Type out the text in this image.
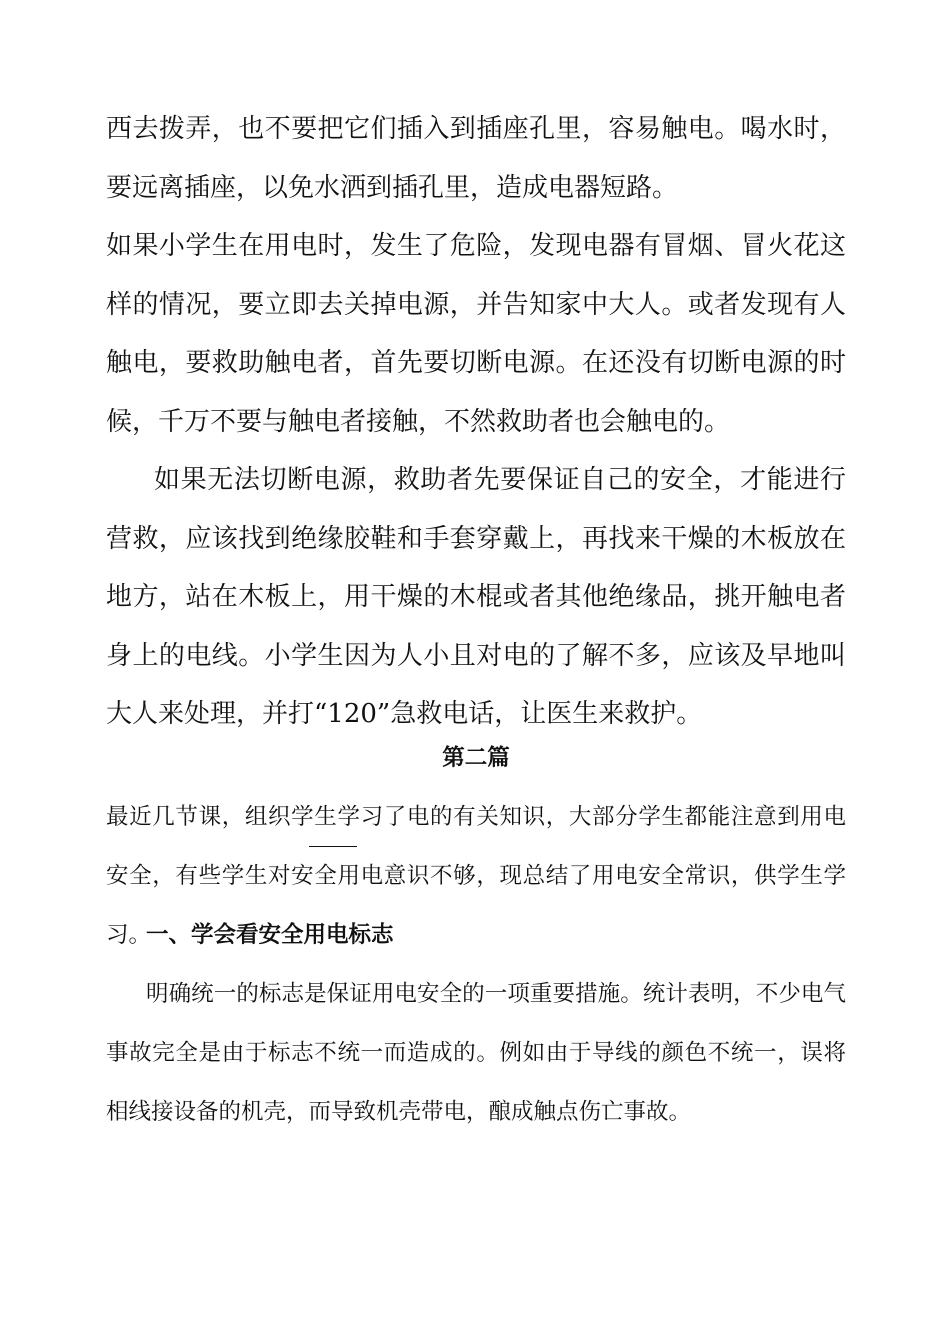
西去拨弄，也不要把它们插入到插座孔里，容易触电。喝水时，要远离插座，以免水洒到插孔里，造成电器短路。

如果小学生在用电时，发生了危险，发现电器有冒烟、冒火花这样的情况，要立即去关掉电源，并告知家中大人。或者发现有人触电，要救助触电者，首先要切断电源。在还没有切断电源的时候，千万不要与触电者接触，不然救助者也会触电的。

如果无法切断电源，救助者先要保证自己的安全，才能进行营救，应该找到绝缘胶鞋和手套穿戴上，再找来干燥的木板放在地方，站在木板上，用干燥的木棍或者其他绝缘品，挑开触电者身上的电线。小学生因为人小且对电的了解不多，应该及早地叫大人来处理，并打“120”急救电话，让医生来救护。

第二篇

最近几节课，组织学生学习了电的有关知识，大部分学生都能注意到用电安全，有些学生对安全用电意识不够，现总结了用电安全常识，供学生学习。

一、学会看安全用电标志

明确统一的标志是保证用电安全的一项重要措施。统计表明，不少电气事故完全是由于标志不统一而造成的。例如由于导线的颜色不统一，误将相线接设备的机壳，而导致机壳带电，酿成触点伤亡事故。
